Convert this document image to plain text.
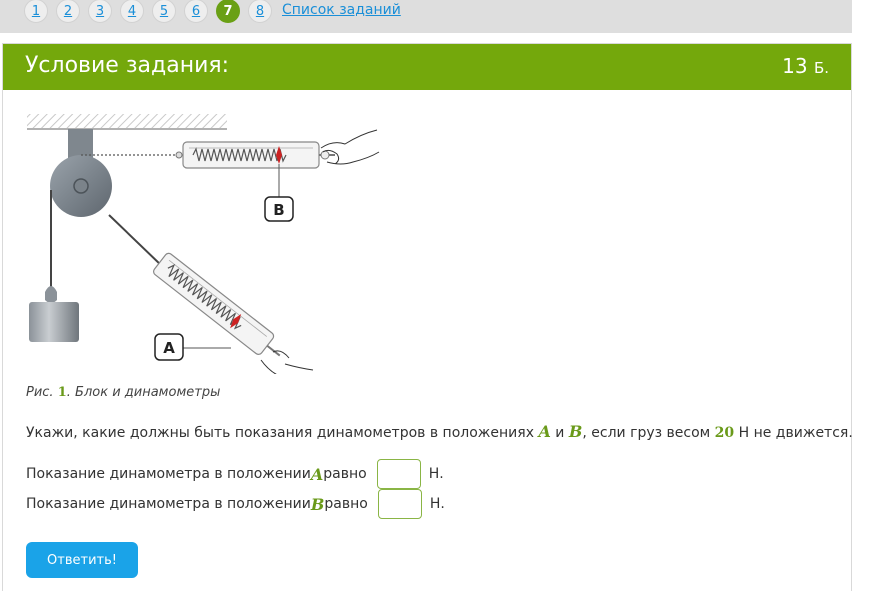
1	2	3	4	5	6	7	8	Список заданий
Условие задания:	13 Б.
B
A
Рис. 1. Блок и динамометры
Укажи, какие должны быть показания динамометров в положениях A и B, если груз весом 20 Н не движется.
Показание динамометра в положении A равно	Н.
Показание динамометра в положении B равно	Н.
Ответить!
